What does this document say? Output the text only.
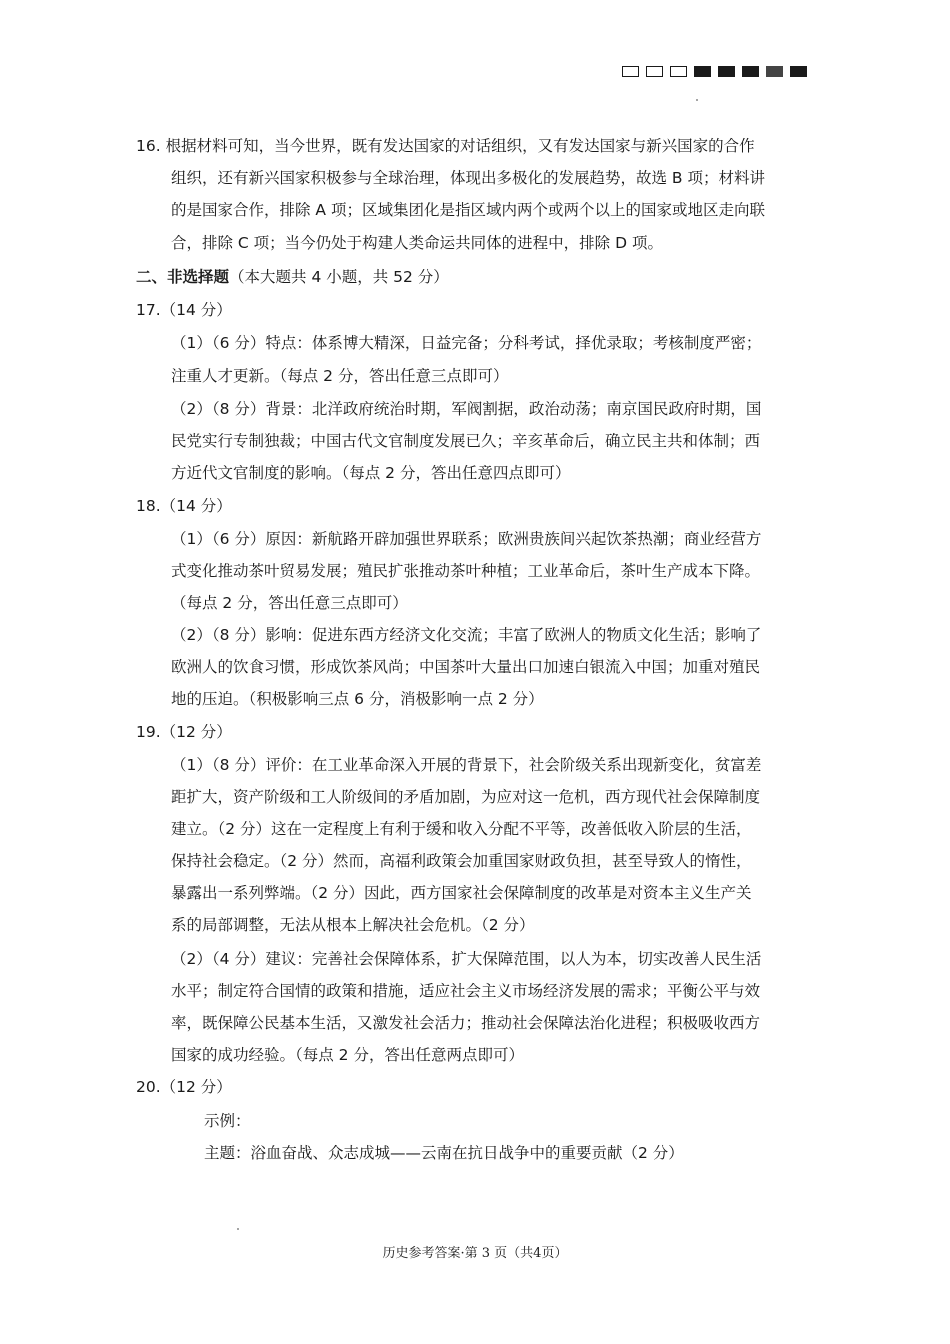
16. 根据材料可知，当今世界，既有发达国家的对话组织，又有发达国家与新兴国家的合作
组织，还有新兴国家积极参与全球治理，体现出多极化的发展趋势，故选 B 项；材料讲
的是国家合作，排除 A 项；区域集团化是指区域内两个或两个以上的国家或地区走向联
合，排除 C 项；当今仍处于构建人类命运共同体的进程中，排除 D 项。
二、非选择题（本大题共 4 小题，共 52 分）
17.（14 分）
（1）（6 分）特点：体系博大精深，日益完备；分科考试，择优录取；考核制度严密；
注重人才更新。（每点 2 分，答出任意三点即可）
（2）（8 分）背景：北洋政府统治时期，军阀割据，政治动荡；南京国民政府时期，国
民党实行专制独裁；中国古代文官制度发展已久；辛亥革命后，确立民主共和体制；西
方近代文官制度的影响。（每点 2 分，答出任意四点即可）
18.（14 分）
（1）（6 分）原因：新航路开辟加强世界联系；欧洲贵族间兴起饮茶热潮；商业经营方
式变化推动茶叶贸易发展；殖民扩张推动茶叶种植；工业革命后，茶叶生产成本下降。
（每点 2 分，答出任意三点即可）
（2）（8 分）影响：促进东西方经济文化交流；丰富了欧洲人的物质文化生活；影响了
欧洲人的饮食习惯，形成饮茶风尚；中国茶叶大量出口加速白银流入中国；加重对殖民
地的压迫。（积极影响三点 6 分，消极影响一点 2 分）
19.（12 分）
（1）（8 分）评价：在工业革命深入开展的背景下，社会阶级关系出现新变化，贫富差
距扩大，资产阶级和工人阶级间的矛盾加剧，为应对这一危机，西方现代社会保障制度
建立。（2 分）这在一定程度上有利于缓和收入分配不平等，改善低收入阶层的生活，
保持社会稳定。（2 分）然而，高福利政策会加重国家财政负担，甚至导致人的惰性，
暴露出一系列弊端。（2 分）因此，西方国家社会保障制度的改革是对资本主义生产关
系的局部调整，无法从根本上解决社会危机。（2 分）
（2）（4 分）建议：完善社会保障体系，扩大保障范围，以人为本，切实改善人民生活
水平；制定符合国情的政策和措施，适应社会主义市场经济发展的需求；平衡公平与效
率，既保障公民基本生活，又激发社会活力；推动社会保障法治化进程；积极吸收西方
国家的成功经验。（每点 2 分，答出任意两点即可）
20.（12 分）
示例：
主题：浴血奋战、众志成城——云南在抗日战争中的重要贡献（2 分）
历史参考答案·第 3 页（共4页）
